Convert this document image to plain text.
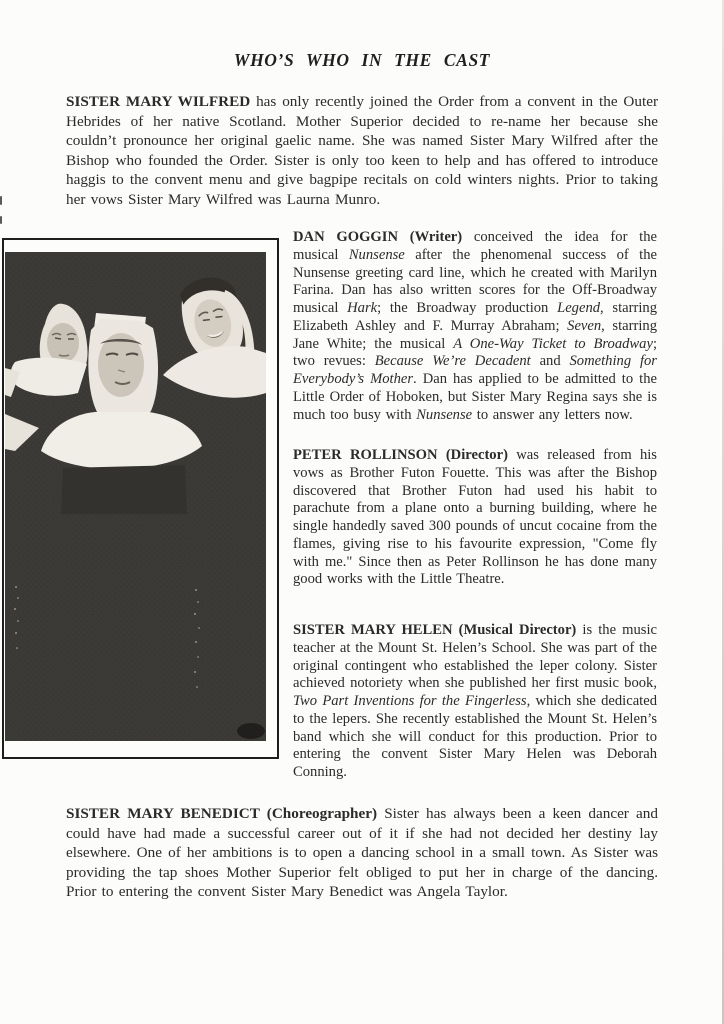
WHO’S WHO IN THE CAST

SISTER MARY WILFRED has only recently joined the Order from a convent in the Outer Hebrides of her native Scotland. Mother Superior decided to re-name her because she couldn’t pronounce her original gaelic name. She was named Sister Mary Wilfred after the Bishop who founded the Order. Sister is only too keen to help and has offered to introduce haggis to the convent menu and give bagpipe recitals on cold winters nights. Prior to taking her vows Sister Mary Wilfred was Laurna Munro.

DAN GOGGIN (Writer) conceived the idea for the musical Nunsense after the phenomenal success of the Nunsense greeting card line, which he created with Marilyn Farina. Dan has also written scores for the Off-Broadway musical Hark; the Broadway production Legend, starring Elizabeth Ashley and F. Murray Abraham; Seven, starring Jane White; the musical A One-Way Ticket to Broadway; two revues: Because We’re Decadent and Something for Everybody’s Mother. Dan has applied to be admitted to the Little Order of Hoboken, but Sister Mary Regina says she is much too busy with Nunsense to answer any letters now.

PETER ROLLINSON (Director) was released from his vows as Brother Futon Fouette. This was after the Bishop discovered that Brother Futon had used his habit to parachute from a plane onto a burning building, where he single handedly saved 300 pounds of uncut cocaine from the flames, giving rise to his favourite expression, "Come fly with me." Since then as Peter Rollinson he has done many good works with the Little Theatre.

SISTER MARY HELEN (Musical Director) is the music teacher at the Mount St. Helen’s School. She was part of the original contingent who established the leper colony. Sister achieved notoriety when she published her first music book, Two Part Inventions for the Fingerless, which she dedicated to the lepers. She recently established the Mount St. Helen’s band which she will conduct for this production. Prior to entering the convent Sister Mary Helen was Deborah Conning.

SISTER MARY BENEDICT (Choreographer) Sister has always been a keen dancer and could have had made a successful career out of it if she had not decided her destiny lay elsewhere. One of her ambitions is to open a dancing school in a small town. As Sister was providing the tap shoes Mother Superior felt obliged to put her in charge of the dancing. Prior to entering the convent Sister Mary Benedict was Angela Taylor.
